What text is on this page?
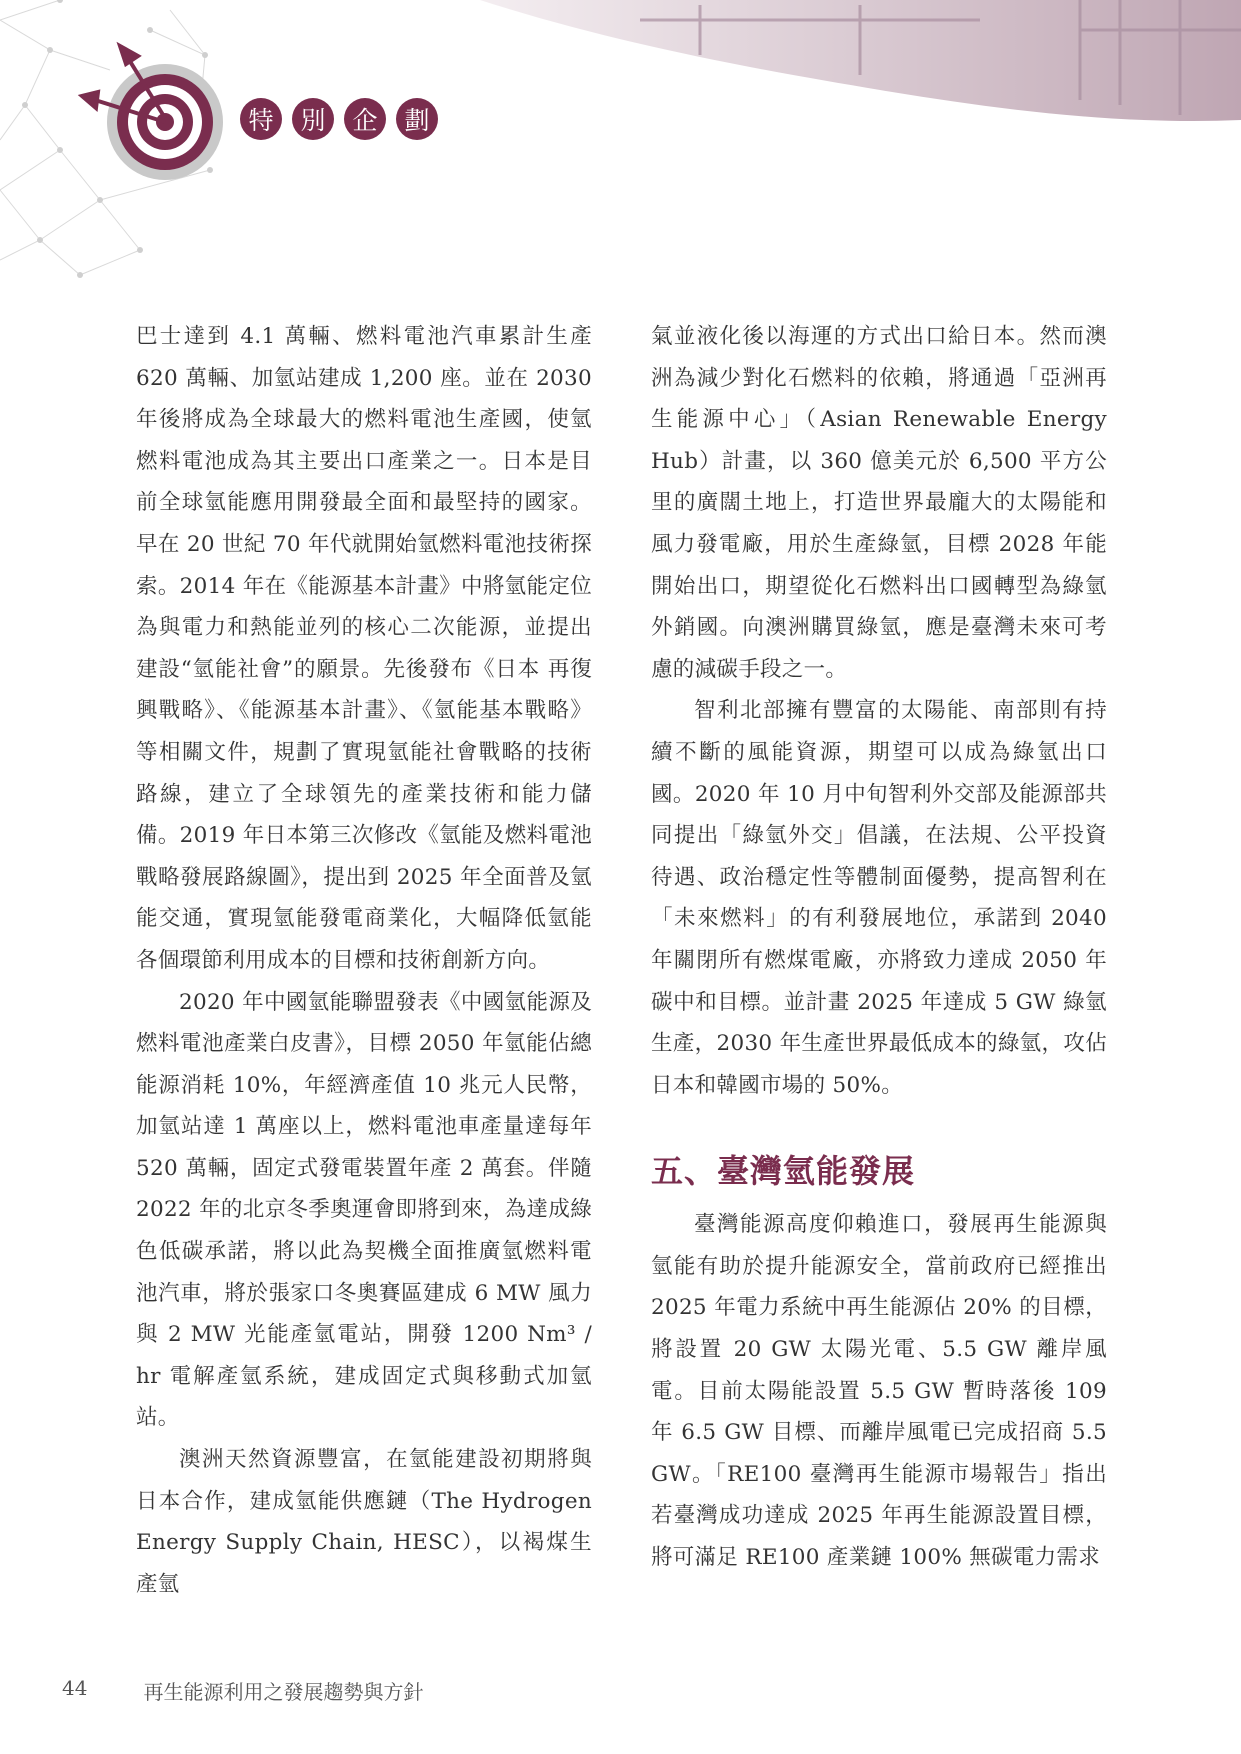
特	別	企	劃

巴士達到 4.1 萬輛、燃料電池汽車累計生產 620 萬輛、加氫站建成 1,200 座。並在 2030 年後將成為全球最大的燃料電池生產國，使氫燃料電池成為其主要出口產業之一。日本是目前全球氫能應用開發最全面和最堅持的國家。早在 20 世紀 70 年代就開始氫燃料電池技術探索。2014 年在《能源基本計畫》中將氫能定位為與電力和熱能並列的核心二次能源，並提出建設“氫能社會”的願景。先後發布《日本 再復興戰略》、《能源基本計畫》、《氫能基本戰略》等相關文件，規劃了實現氫能社會戰略的技術路線，建立了全球領先的產業技術和能力儲備。2019 年日本第三次修改《氫能及燃料電池戰略發展路線圖》，提出到 2025 年全面普及氫能交通，實現氫能發電商業化，大幅降低氫能各個環節利用成本的目標和技術創新方向。

2020 年中國氫能聯盟發表《中國氫能源及燃料電池產業白皮書》，目標 2050 年氫能佔總能源消耗 10%，年經濟產值 10 兆元人民幣，加氫站達 1 萬座以上，燃料電池車產量達每年 520 萬輛，固定式發電裝置年產 2 萬套。伴隨2022 年的北京冬季奧運會即將到來，為達成綠色低碳承諾，將以此為契機全面推廣氫燃料電池汽車，將於張家口冬奧賽區建成 6 MW 風力與 2 MW 光能產氫電站，開發 1200 Nm³ / hr 電解產氫系統，建成固定式與移動式加氫站。

澳洲天然資源豐富，在氫能建設初期將與日本合作，建成氫能供應鏈（The Hydrogen Energy Supply Chain, HESC），以褐煤生產氫

氣並液化後以海運的方式出口給日本。然而澳洲為減少對化石燃料的依賴，將通過「亞洲再生能源中心」（Asian Renewable Energy Hub）計畫，以 360 億美元於 6,500 平方公里的廣闊土地上，打造世界最龐大的太陽能和風力發電廠，用於生產綠氫，目標 2028 年能開始出口，期望從化石燃料出口國轉型為綠氫外銷國。向澳洲購買綠氫，應是臺灣未來可考慮的減碳手段之一。

智利北部擁有豐富的太陽能、南部則有持續不斷的風能資源，期望可以成為綠氫出口國。2020 年 10 月中旬智利外交部及能源部共同提出「綠氫外交」倡議，在法規、公平投資待遇、政治穩定性等體制面優勢，提高智利在「未來燃料」的有利發展地位，承諾到 2040 年關閉所有燃煤電廠，亦將致力達成 2050 年碳中和目標。並計畫 2025 年達成 5 GW 綠氫生產，2030 年生產世界最低成本的綠氫，攻佔日本和韓國市場的 50%。

五、臺灣氫能發展

臺灣能源高度仰賴進口，發展再生能源與氫能有助於提升能源安全，當前政府已經推出 2025 年電力系統中再生能源佔 20% 的目標，將設置 20 GW 太陽光電、5.5 GW 離岸風電。目前太陽能設置 5.5 GW 暫時落後 109 年 6.5 GW 目標、而離岸風電已完成招商 5.5 GW。「RE100 臺灣再生能源市場報告」指出若臺灣成功達成 2025 年再生能源設置目標，將可滿足 RE100 產業鏈 100% 無碳電力需求

44	再生能源利用之發展趨勢與方針
